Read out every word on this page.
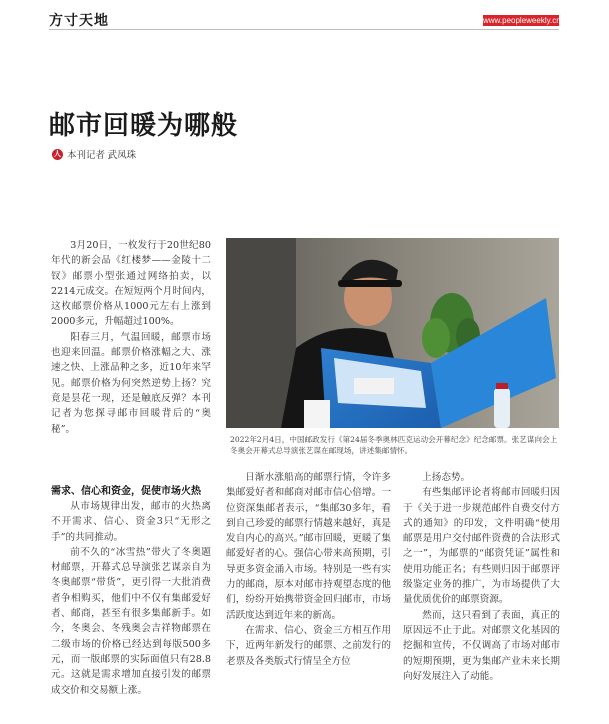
方寸天地	www.peopleweekly.cn
邮市回暖为哪般
人 本刊记者 武凤珠

3月20日，一枚发行于20世纪80年代的新会品《红楼梦——金陵十二钗》邮票小型张通过网络拍卖，以2214元成交。在短短两个月时间内，这枚邮票价格从1000元左右上涨到2000多元，升幅超过100%。

阳春三月，气温回暖，邮票市场也迎来回温。邮票价格涨幅之大、涨速之快、上涨品种之多，近10年来罕见。邮票价格为何突然逆势上扬？究竟是昙花一现，还是触底反弹？本刊记者为您探寻邮市回暖背后的“奥秘”。

需求、信心和资金，促使市场火热

从市场规律出发，邮市的火热离不开需求、信心、资金3只“无形之手”的共同推动。

前不久的“冰雪热”带火了冬奥题材邮票，开幕式总导演张艺谋亲自为冬奥邮票“带货”，更引得一大批消费者争相购买，他们中不仅有集邮爱好者、邮商，甚至有很多集邮新手。如今，冬奥会、冬残奥会吉祥物邮票在二级市场的价格已经达到每版500多元，而一版邮票的实际面值只有28.8元。这就是需求增加直接引发的邮票成交价和交易额上涨。

2022年2月4日，中国邮政发行《第24届冬季奥林匹克运动会开幕纪念》纪念邮票。张艺谋向会上冬奥会开幕式总导演张艺谋在邮现场，讲述集邮情怀。

日渐水涨船高的邮票行情，令许多集邮爱好者和邮商对邮市信心倍增。一位资深集邮者表示，“集邮30多年，看到自己珍爱的邮票行情越来越好，真是发自内心的高兴。”邮市回暖，更暖了集邮爱好者的心。强信心带来高预期，引导更多资金涌入市场。特别是一些有实力的邮商，原本对邮市持观望态度的他们，纷纷开始携带资金回归邮市，市场活跃度达到近年来的新高。

在需求、信心、资金三方相互作用下，近两年新发行的邮票、之前发行的老票及各类版式行情呈全方位

上扬态势。

有些集邮评论者将邮市回暖归因于《关于进一步规范邮件自费交付方式的通知》的印发，文件明确“使用邮票是用户交付邮件资费的合法形式之一”，为邮票的“邮资凭证”属性和使用功能正名；有些则归因于邮票评级鉴定业务的推广，为市场提供了大量优质优价的邮票资源。

然而，这只看到了表面，真正的原因远不止于此。对邮票文化基因的挖掘和宣传，不仅调高了市场对邮市的短期预期，更为集邮产业未来长期向好发展注入了动能。
